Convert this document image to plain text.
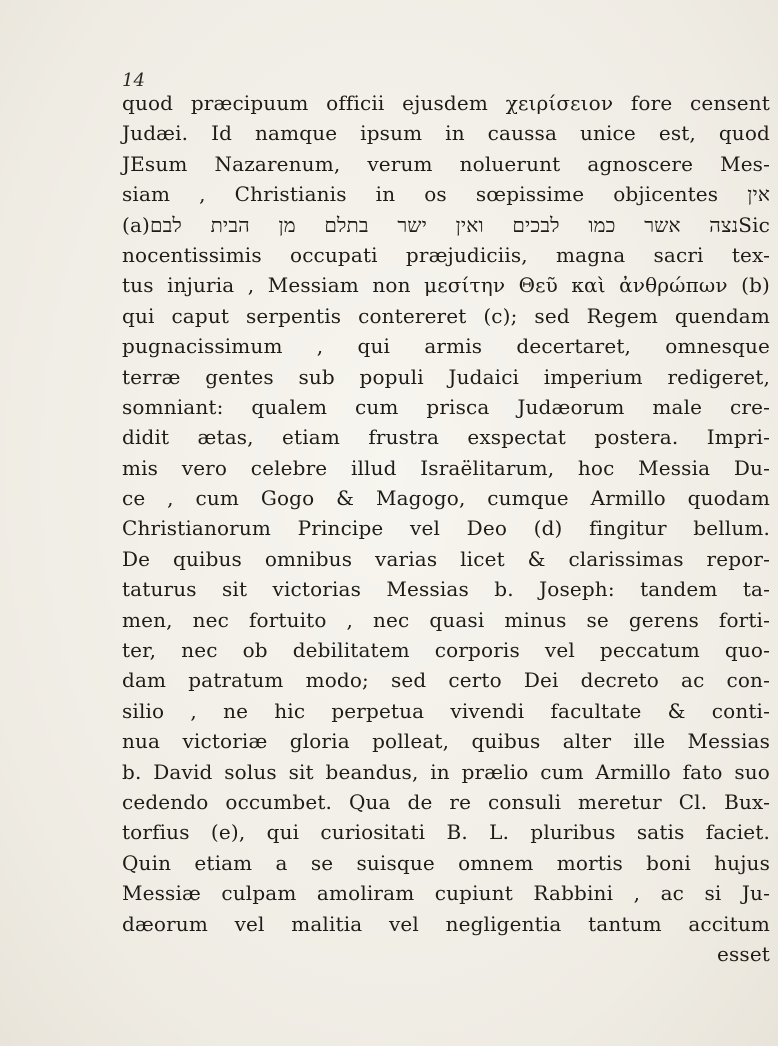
14
quod præcipuum officii ejusdem χειρίσειον fore censent
Judæi. Id namque ipsum in caussa unice est, quod
JEsum Nazarenum, verum noluerunt agnoscere Mes-
siam , Christianis in os sœpissime objicentes אין
(a)נצה אשר כמו לבכים ואין ישר בתלם מן הבית לבםSic
nocentissimis occupati præjudiciis, magna sacri tex-
tus injuria , Messiam non μεσίτην Θεῦ καὶ ἀνθρώπων (b)
qui caput serpentis contereret (c); sed Regem quendam
pugnacissimum , qui armis decertaret, omnesque
terræ gentes sub populi Judaici imperium redigeret,
somniant: qualem cum prisca Judæorum male cre-
didit ætas, etiam frustra exspectat postera. Impri-
mis vero celebre illud Israëlitarum, hoc Messia Du-
ce , cum Gogo & Magogo, cumque Armillo quodam
Christianorum Principe vel Deo (d) fingitur bellum.
De quibus omnibus varias licet & clarissimas repor-
taturus sit victorias Messias b. Joseph: tandem ta-
men, nec fortuito , nec quasi minus se gerens forti-
ter, nec ob debilitatem corporis vel peccatum quo-
dam patratum modo; sed certo Dei decreto ac con-
silio , ne hic perpetua vivendi facultate & conti-
nua victoriæ gloria polleat, quibus alter ille Messias
b. David solus sit beandus, in prælio cum Armillo fato suo
cedendo occumbet. Qua de re consuli meretur Cl. Bux-
torfius (e), qui curiositati B. L. pluribus satis faciet.
Quin etiam a se suisque omnem mortis boni hujus
Messiæ culpam amoliram cupiunt Rabbini , ac si Ju-
dæorum vel malitia vel negligentia tantum accitum
esset
